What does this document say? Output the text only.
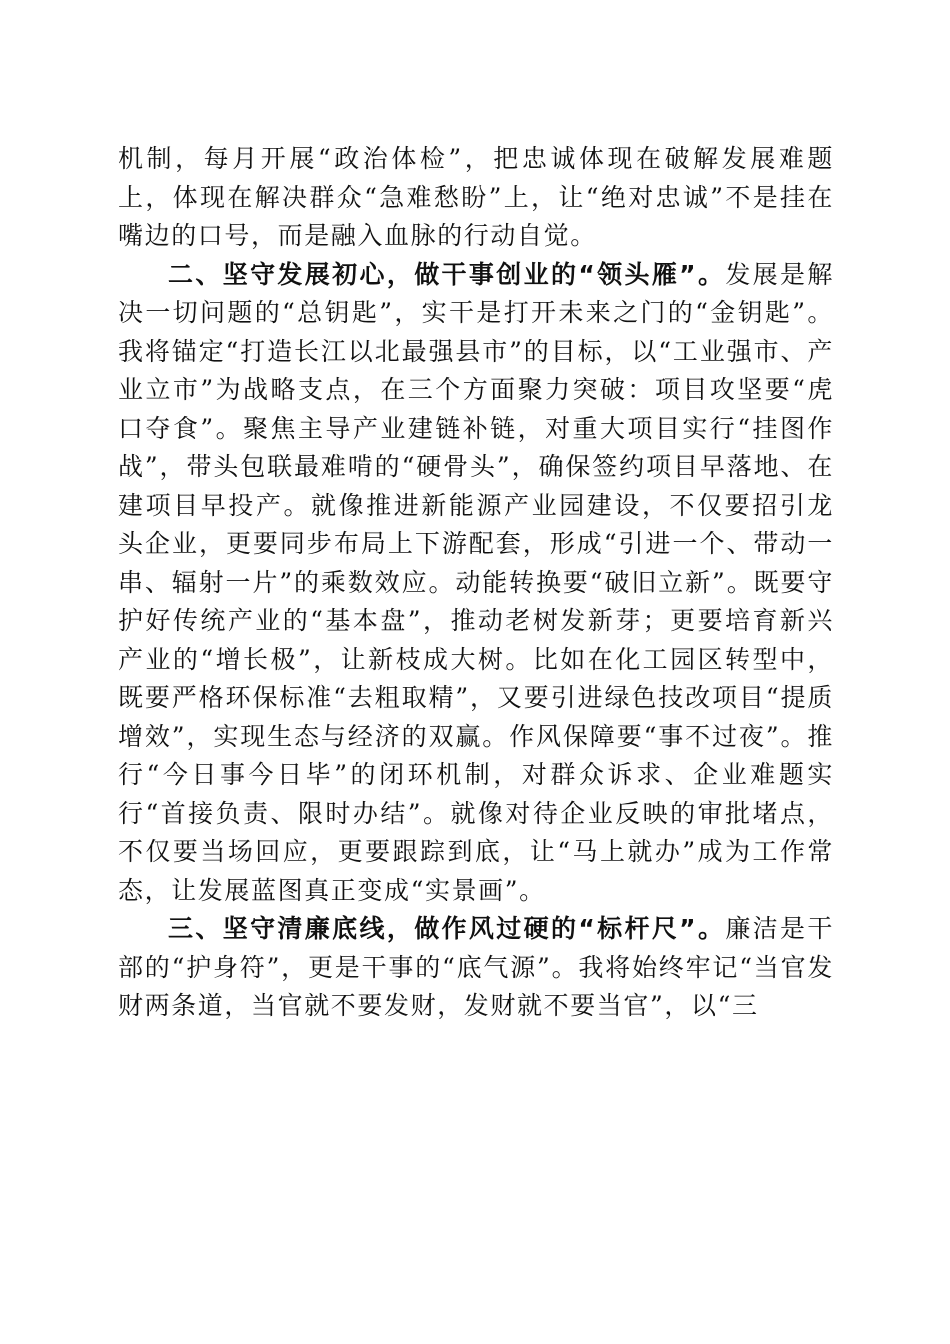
机制，每月开展“政治体检”，把忠诚体现在破解发展难题上，体现在解决群众“急难愁盼”上，让“绝对忠诚”不是挂在嘴边的口号，而是融入血脉的行动自觉。

二、坚守发展初心，做干事创业的“领头雁”。发展是解决一切问题的“总钥匙”，实干是打开未来之门的“金钥匙”。我将锚定“打造长江以北最强县市”的目标，以“工业强市、产业立市”为战略支点，在三个方面聚力突破：项目攻坚要“虎口夺食”。聚焦主导产业建链补链，对重大项目实行“挂图作战”，带头包联最难啃的“硬骨头”，确保签约项目早落地、在建项目早投产。就像推进新能源产业园建设，不仅要招引龙头企业，更要同步布局上下游配套，形成“引进一个、带动一串、辐射一片”的乘数效应。动能转换要“破旧立新”。既要守护好传统产业的“基本盘”，推动老树发新芽；更要培育新兴产业的“增长极”，让新枝成大树。比如在化工园区转型中，既要严格环保标准“去粗取精”，又要引进绿色技改项目“提质增效”，实现生态与经济的双赢。作风保障要“事不过夜”。推行“今日事今日毕”的闭环机制，对群众诉求、企业难题实行“首接负责、限时办结”。就像对待企业反映的审批堵点，不仅要当场回应，更要跟踪到底，让“马上就办”成为工作常态，让发展蓝图真正变成“实景画”。

三、坚守清廉底线，做作风过硬的“标杆尺”。廉洁是干部的“护身符”，更是干事的“底气源”。我将始终牢记“当官发财两条道，当官就不要发财，发财就不要当官”，以“三
